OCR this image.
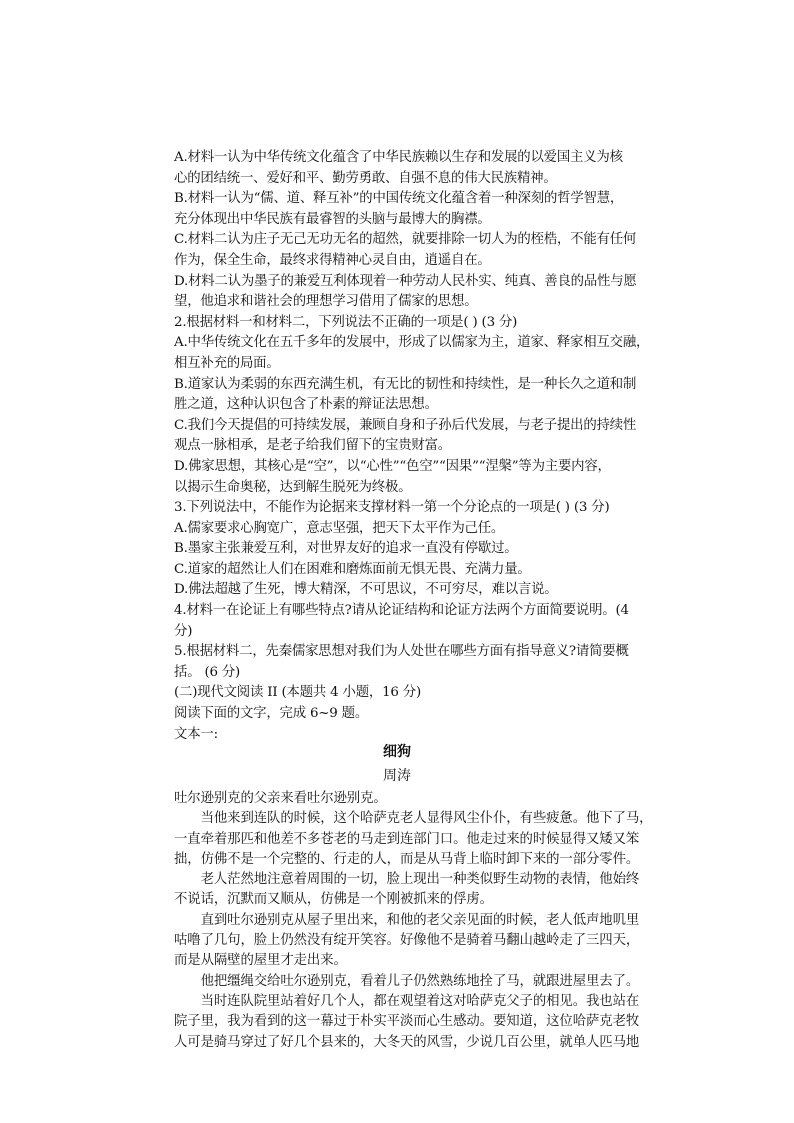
A.材料一认为中华传统文化蕴含了中华民族赖以生存和发展的以爱国主义为核
心的团结统一、爱好和平、勤劳勇敢、自强不息的伟大民族精神。
B.材料一认为“儒、道、释互补”的中国传统文化蕴含着一种深刻的哲学智慧，
充分体现出中华民族有最睿智的头脑与最博大的胸襟。
C.材料二认为庄子无己无功无名的超然，就要排除一切人为的桎梏，不能有任何
作为，保全生命，最终求得精神心灵自由，逍遥自在。
D.材料二认为墨子的兼爱互利体现着一种劳动人民朴实、纯真、善良的品性与愿
望，他追求和谐社会的理想学习借用了儒家的思想。
2.根据材料一和材料二，下列说法不正确的一项是( ) (3 分)
A.中华传统文化在五千多年的发展中，形成了以儒家为主，道家、释家相互交融，
相互补充的局面。
B.道家认为柔弱的东西充满生机，有无比的韧性和持续性，是一种长久之道和制
胜之道，这种认识包含了朴素的辩证法思想。
C.我们今天提倡的可持续发展，兼顾自身和子孙后代发展，与老子提出的持续性
观点一脉相承，是老子给我们留下的宝贵财富。
D.佛家思想，其核心是“空”，以“心性”“色空”“因果”“涅槃”等为主要内容，
以揭示生命奥秘，达到解生脱死为终极。
3.下列说法中，不能作为论据来支撑材料一第一个分论点的一项是( ) (3 分)
A.儒家要求心胸宽广，意志坚强，把天下太平作为己任。
B.墨家主张兼爱互利，对世界友好的追求一直没有停歇过。
C.道家的超然让人们在困难和磨炼面前无惧无畏、充满力量。
D.佛法超越了生死，博大精深，不可思议，不可穷尽，难以言说。
4.材料一在论证上有哪些特点?请从论证结构和论证方法两个方面简要说明。(4
分)
5.根据材料二，先秦儒家思想对我们为人处世在哪些方面有指导意义?请简要概
括。 (6 分)
(二)现代文阅读 II (本题共 4 小题，16 分)
阅读下面的文字，完成 6~9 题。
文本一:
细狗
周涛
吐尔逊别克的父亲来看吐尔逊别克。
　　当他来到连队的时候，这个哈萨克老人显得风尘仆仆，有些疲惫。他下了马，
一直牵着那匹和他差不多苍老的马走到连部门口。他走过来的时候显得又矮又笨
拙，仿佛不是一个完整的、行走的人，而是从马背上临时卸下来的一部分零件。
　　老人茫然地注意着周围的一切，脸上现出一种类似野生动物的表情，他始终
不说话，沉默而又顺从，仿佛是一个刚被抓来的俘虏。
　　直到吐尔逊别克从屋子里出来，和他的老父亲见面的时候，老人低声地叽里
咕噜了几句，脸上仍然没有绽开笑容。好像他不是骑着马翻山越岭走了三四天，
而是从隔壁的屋里才走出来。
　　他把缰绳交给吐尔逊别克，看着儿子仍然熟练地拴了马，就跟进屋里去了。
　　当时连队院里站着好几个人，都在观望着这对哈萨克父子的相见。我也站在
院子里，我为看到的这一幕过于朴实平淡而心生感动。要知道，这位哈萨克老牧
人可是骑马穿过了好几个县来的，大冬天的风雪，少说几百公里，就单人匹马地
